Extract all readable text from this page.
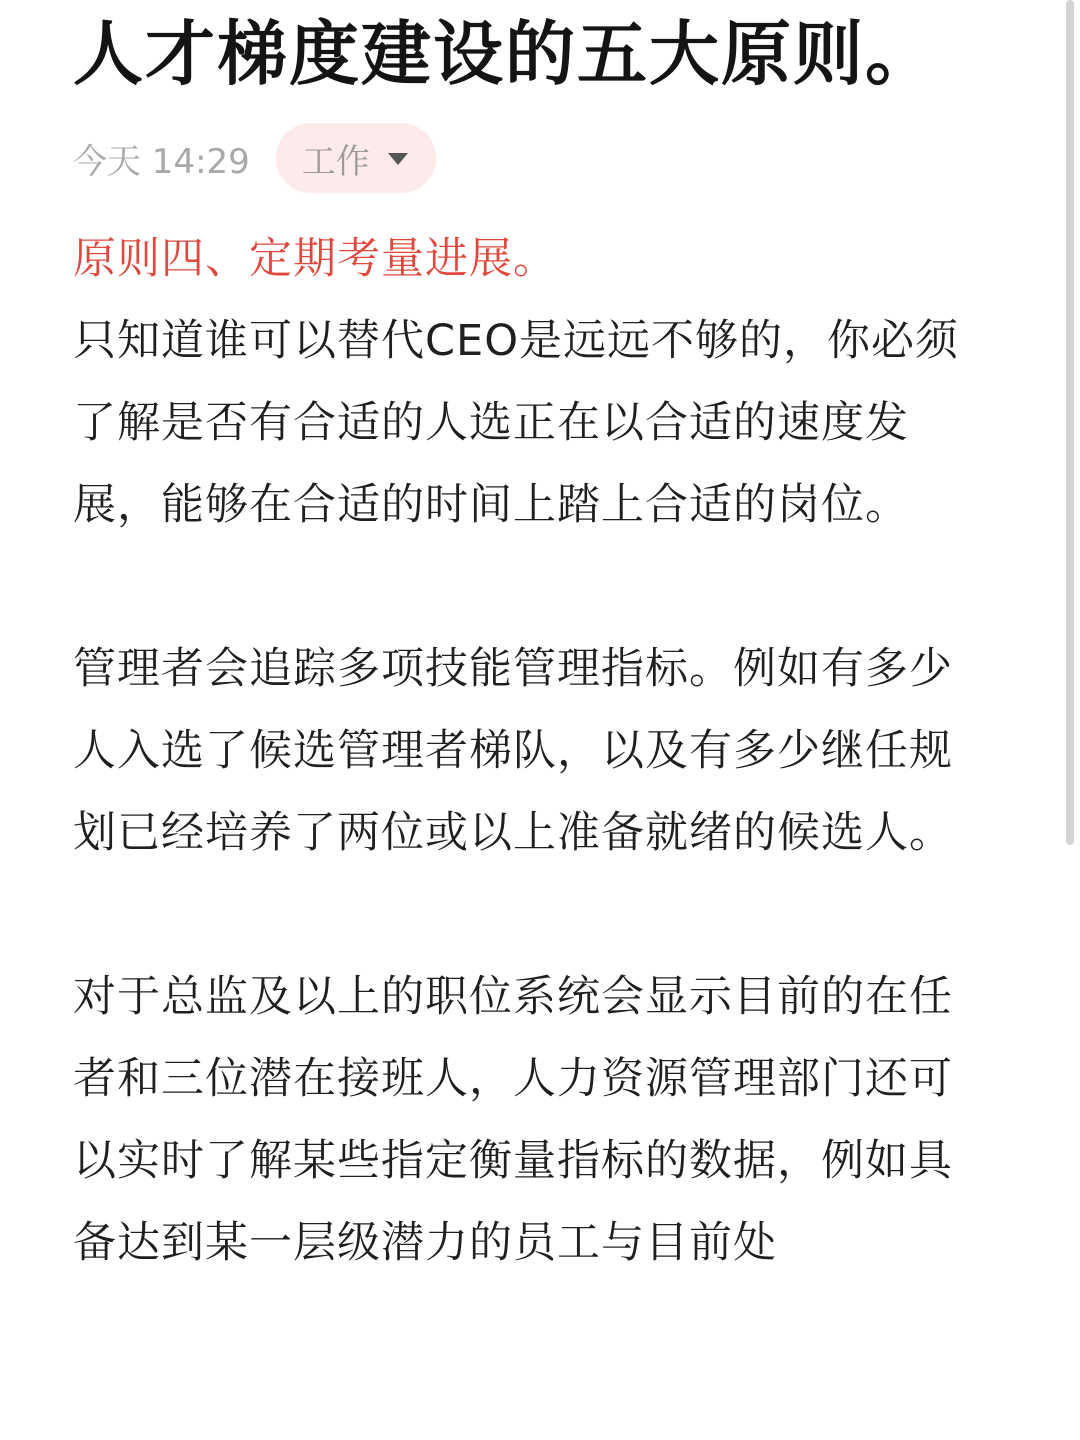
人才梯度建设的五大原则。
今天 14:29 工作

原则四、定期考量进展。

只知道谁可以替代CEO是远远不够的，你必须了解是否有合适的人选正在以合适的速度发展，能够在合适的时间上踏上合适的岗位。

管理者会追踪多项技能管理指标。例如有多少人入选了候选管理者梯队，以及有多少继任规划已经培养了两位或以上准备就绪的候选人。

对于总监及以上的职位系统会显示目前的在任者和三位潜在接班人，人力资源管理部门还可以实时了解某些指定衡量指标的数据，例如具备达到某一层级潜力的员工与目前处
